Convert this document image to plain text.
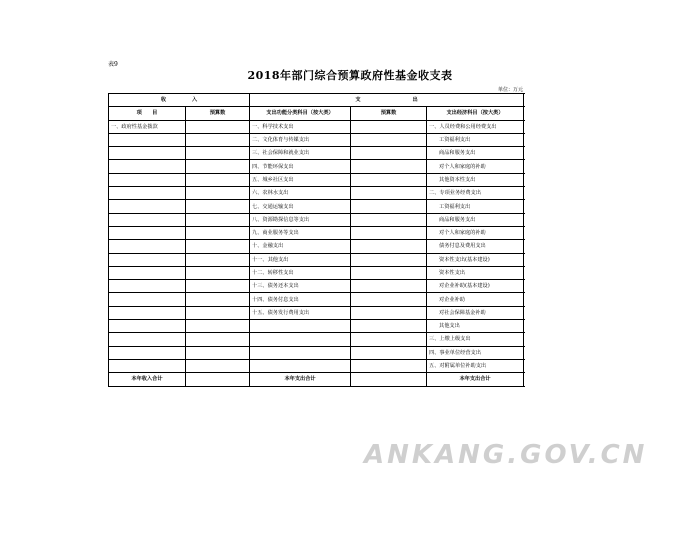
表9
2018年部门综合预算政府性基金收支表
单位：万元
收　　　　　入		支　　　　　　　　　　出		
项　　目	预算数	支出功能分类科目（按大类）	预算数	支出经济科目（按大类）
一、政府性基金拨款		一、科学技术支出		一、人员经费和公用经费支出
		二、文化体育与传媒支出		工资福利支出
		三、社会保障和就业支出		商品和服务支出
		四、节能环保支出		对个人和家庭的补助
		五、城乡社区支出		其他资本性支出
		六、农林水支出		二、专项业务经费支出
		七、交通运输支出		工资福利支出
		八、资源勘探信息等支出		商品和服务支出
		九、商业服务等支出		对个人和家庭的补助
		十、金融支出		债务付息及费用支出
		十一、其他支出		资本性支出(基本建设)
		十二、转移性支出		资本性支出
		十三、债务还本支出		对企业补助(基本建设)
		十四、债务付息支出		对企业补助
		十五、债务发行费用支出		对社会保障基金补助
				其他支出
				三、上缴上级支出
				四、事业单位经营支出
				五、对附属单位补助支出
本年收入合计		本年支出合计		本年支出合计
ANKANG.GOV.CN
